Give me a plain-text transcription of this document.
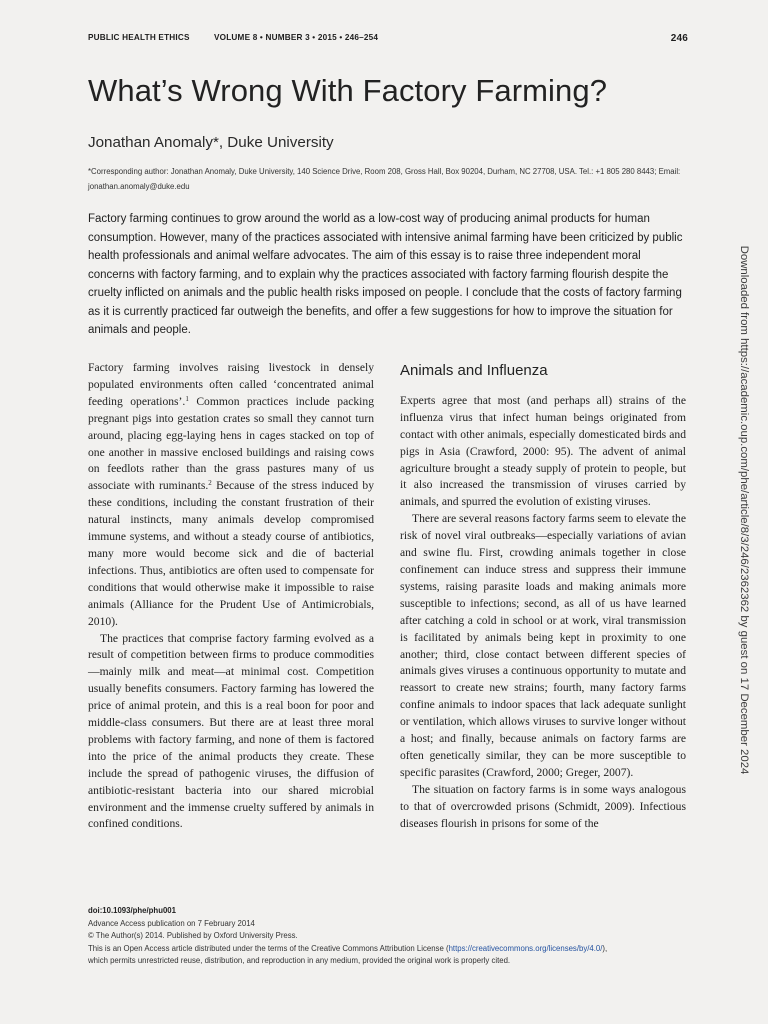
PUBLIC HEALTH ETHICS	VOLUME 8 • NUMBER 3 • 2015 • 246–254	246
What’s Wrong With Factory Farming?
Jonathan Anomaly*, Duke University
*Corresponding author: Jonathan Anomaly, Duke University, 140 Science Drive, Room 208, Gross Hall, Box 90204, Durham, NC 27708, USA. Tel.: +1 805 280 8443; Email: jonathan.anomaly@duke.edu

Factory farming continues to grow around the world as a low-cost way of producing animal products for human consumption. However, many of the practices associated with intensive animal farming have been criticized by public health professionals and animal welfare advocates. The aim of this essay is to raise three independent moral concerns with factory farming, and to explain why the practices associated with factory farming flourish despite the cruelty inflicted on animals and the public health risks imposed on people. I conclude that the costs of factory farming as it is currently practiced far outweigh the benefits, and offer a few suggestions for how to improve the situation for animals and people.

Factory farming involves raising livestock in densely populated environments often called ‘concentrated animal feeding operations’.$^1$ Common practices include packing pregnant pigs into gestation crates so small they cannot turn around, placing egg-laying hens in cages stacked on top of one another in massive enclosed buildings and raising cows on feedlots rather than the grass pastures many of us associate with ruminants.$^2$ Because of the stress induced by these conditions, including the constant frustration of their natural instincts, many animals develop compromised immune systems, and without a steady course of antibiotics, many more would become sick and die of bacterial infections. Thus, antibiotics are often used to compensate for conditions that would otherwise make it impossible to raise animals (Alliance for the Prudent Use of Antimicrobials, 2010).

The practices that comprise factory farming evolved as a result of competition between firms to produce commodities—mainly milk and meat—at minimal cost. Competition usually benefits consumers. Factory farming has lowered the price of animal protein, and this is a real boon for poor and middle-class consumers. But there are at least three moral problems with factory farming, and none of them is factored into the price of the animal products they create. These include the spread of pathogenic viruses, the diffusion of antibiotic-resistant bacteria into our shared microbial environment and the immense cruelty suffered by animals in confined conditions.

Animals and Influenza

Experts agree that most (and perhaps all) strains of the influenza virus that infect human beings originated from contact with other animals, especially domesticated birds and pigs in Asia (Crawford, 2000: 95). The advent of animal agriculture brought a steady supply of protein to people, but it also increased the transmission of viruses carried by animals, and spurred the evolution of existing viruses.

There are several reasons factory farms seem to elevate the risk of novel viral outbreaks—especially variations of avian and swine flu. First, crowding animals together in close confinement can induce stress and suppress their immune systems, raising parasite loads and making animals more susceptible to infections; second, as all of us have learned after catching a cold in school or at work, viral transmission is facilitated by animals being kept in proximity to one another; third, close contact between different species of animals gives viruses a continuous opportunity to mutate and reassort to create new strains; fourth, many factory farms confine animals to indoor spaces that lack adequate sunlight or ventilation, which allows viruses to survive longer without a host; and finally, because animals on factory farms are often genetically similar, they can be more susceptible to specific parasites (Crawford, 2000; Greger, 2007).

The situation on factory farms is in some ways analogous to that of overcrowded prisons (Schmidt, 2009). Infectious diseases flourish in prisons for some of the

doi:10.1093/phe/phu001
Advance Access publication on 7 February 2014
© The Author(s) 2014. Published by Oxford University Press.
This is an Open Access article distributed under the terms of the Creative Commons Attribution License (https://creativecommons.org/licenses/by/4.0/),
which permits unrestricted reuse, distribution, and reproduction in any medium, provided the original work is properly cited.
Downloaded from https://academic.oup.com/phe/article/8/3/246/2362362 by guest on 17 December 2024
